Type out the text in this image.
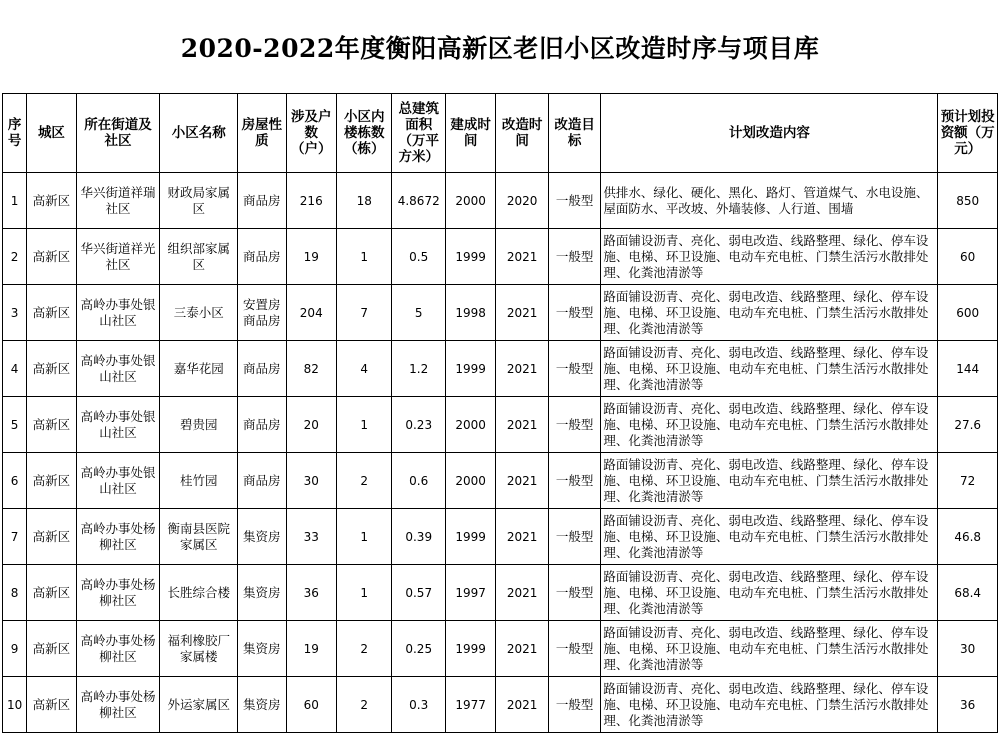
2020-2022年度衡阳高新区老旧小区改造时序与项目库
序号	城区	所在街道及社区	小区名称	房屋性质	涉及户数（户）	小区内楼栋数（栋）	总建筑面积（万平方米）	建成时间	改造时间	改造目标	计划改造内容	预计划投资额（万元）
1	高新区	华兴街道祥瑞社区	财政局家属区	商品房	216	18	4.8672	2000	2020	一般型	供排水、绿化、硬化、黑化、路灯、管道煤气、水电设施、屋面防水、平改坡、外墙装修、人行道、围墙	850
2	高新区	华兴街道祥光社区	组织部家属区	商品房	19	1	0.5	1999	2021	一般型	路面铺设沥青、亮化、弱电改造、线路整理、绿化、停车设施、电梯、环卫设施、电动车充电桩、门禁生活污水散排处理、化粪池清淤等	60
3	高新区	高岭办事处银山社区	三泰小区	安置房商品房	204	7	5	1998	2021	一般型	路面铺设沥青、亮化、弱电改造、线路整理、绿化、停车设施、电梯、环卫设施、电动车充电桩、门禁生活污水散排处理、化粪池清淤等	600
4	高新区	高岭办事处银山社区	嘉华花园	商品房	82	4	1.2	1999	2021	一般型	路面铺设沥青、亮化、弱电改造、线路整理、绿化、停车设施、电梯、环卫设施、电动车充电桩、门禁生活污水散排处理、化粪池清淤等	144
5	高新区	高岭办事处银山社区	碧贵园	商品房	20	1	0.23	2000	2021	一般型	路面铺设沥青、亮化、弱电改造、线路整理、绿化、停车设施、电梯、环卫设施、电动车充电桩、门禁生活污水散排处理、化粪池清淤等	27.6
6	高新区	高岭办事处银山社区	桂竹园	商品房	30	2	0.6	2000	2021	一般型	路面铺设沥青、亮化、弱电改造、线路整理、绿化、停车设施、电梯、环卫设施、电动车充电桩、门禁生活污水散排处理、化粪池清淤等	72
7	高新区	高岭办事处杨柳社区	衡南县医院家属区	集资房	33	1	0.39	1999	2021	一般型	路面铺设沥青、亮化、弱电改造、线路整理、绿化、停车设施、电梯、环卫设施、电动车充电桩、门禁生活污水散排处理、化粪池清淤等	46.8
8	高新区	高岭办事处杨柳社区	长胜综合楼	集资房	36	1	0.57	1997	2021	一般型	路面铺设沥青、亮化、弱电改造、线路整理、绿化、停车设施、电梯、环卫设施、电动车充电桩、门禁生活污水散排处理、化粪池清淤等	68.4
9	高新区	高岭办事处杨柳社区	福利橡胶厂家属楼	集资房	19	2	0.25	1999	2021	一般型	路面铺设沥青、亮化、弱电改造、线路整理、绿化、停车设施、电梯、环卫设施、电动车充电桩、门禁生活污水散排处理、化粪池清淤等	30
10	高新区	高岭办事处杨柳社区	外运家属区	集资房	60	2	0.3	1977	2021	一般型	路面铺设沥青、亮化、弱电改造、线路整理、绿化、停车设施、电梯、环卫设施、电动车充电桩、门禁生活污水散排处理、化粪池清淤等	36
